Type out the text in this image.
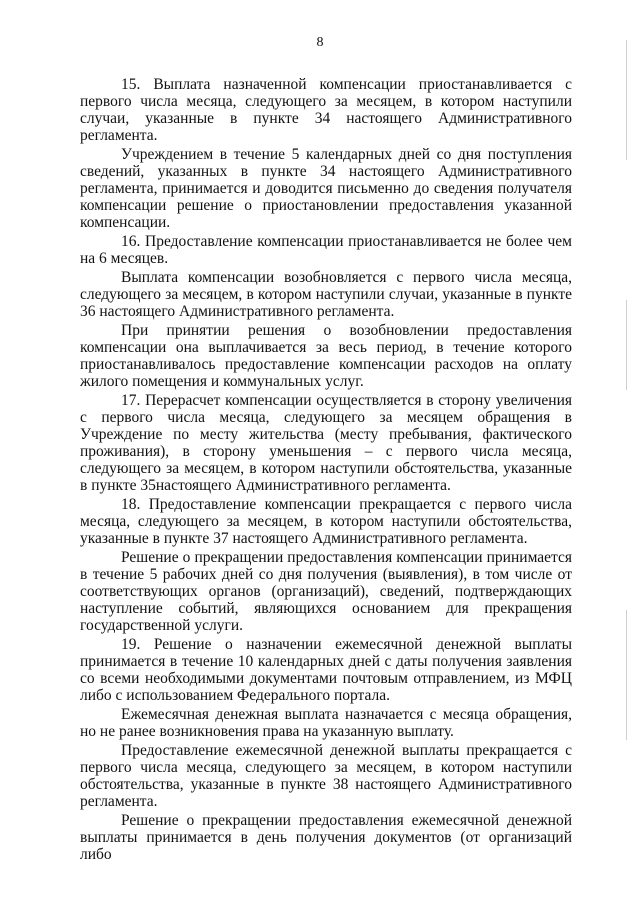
8

15. Выплата назначенной компенсации приостанавливается с первого числа месяца, следующего за месяцем, в котором наступили случаи, указанные в пункте 34 настоящего Административного регламента.

Учреждением в течение 5 календарных дней со дня поступления сведений, указанных в пункте 34 настоящего Административного регламента, принимается и доводится письменно до сведения получателя компенсации решение о приостановлении предоставления указанной компенсации.

16. Предоставление компенсации приостанавливается не более чем на 6 месяцев.

Выплата компенсации возобновляется с первого числа месяца, следующего за месяцем, в котором наступили случаи, указанные в пункте 36 настоящего Административного регламента.

При принятии решения о возобновлении предоставления компенсации она выплачивается за весь период, в течение которого приостанавливалось предоставление компенсации расходов на оплату жилого помещения и коммунальных услуг.

17. Перерасчет компенсации осуществляется в сторону увеличения с первого числа месяца, следующего за месяцем обращения в Учреждение по месту жительства (месту пребывания, фактического проживания), в сторону уменьшения – с первого числа месяца, следующего за месяцем, в котором наступили обстоятельства, указанные в пункте 35настоящего Административного регламента.

18. Предоставление компенсации прекращается с первого числа месяца, следующего за месяцем, в котором наступили обстоятельства, указанные в пункте 37 настоящего Административного регламента.

Решение о прекращении предоставления компенсации принимается в течение 5 рабочих дней со дня получения (выявления), в том числе от соответствующих органов (организаций), сведений, подтверждающих наступление событий, являющихся основанием для прекращения государственной услуги.

19. Решение о назначении ежемесячной денежной выплаты принимается в течение 10 календарных дней с даты получения заявления со всеми необходимыми документами почтовым отправлением, из МФЦ либо с использованием Федерального портала.

Ежемесячная денежная выплата назначается с месяца обращения, но не ранее возникновения права на указанную выплату.

Предоставление ежемесячной денежной выплаты прекращается с первого числа месяца, следующего за месяцем, в котором наступили обстоятельства, указанные в пункте 38 настоящего Административного регламента.

Решение о прекращении предоставления ежемесячной денежной выплаты принимается в день получения документов (от организаций либо
